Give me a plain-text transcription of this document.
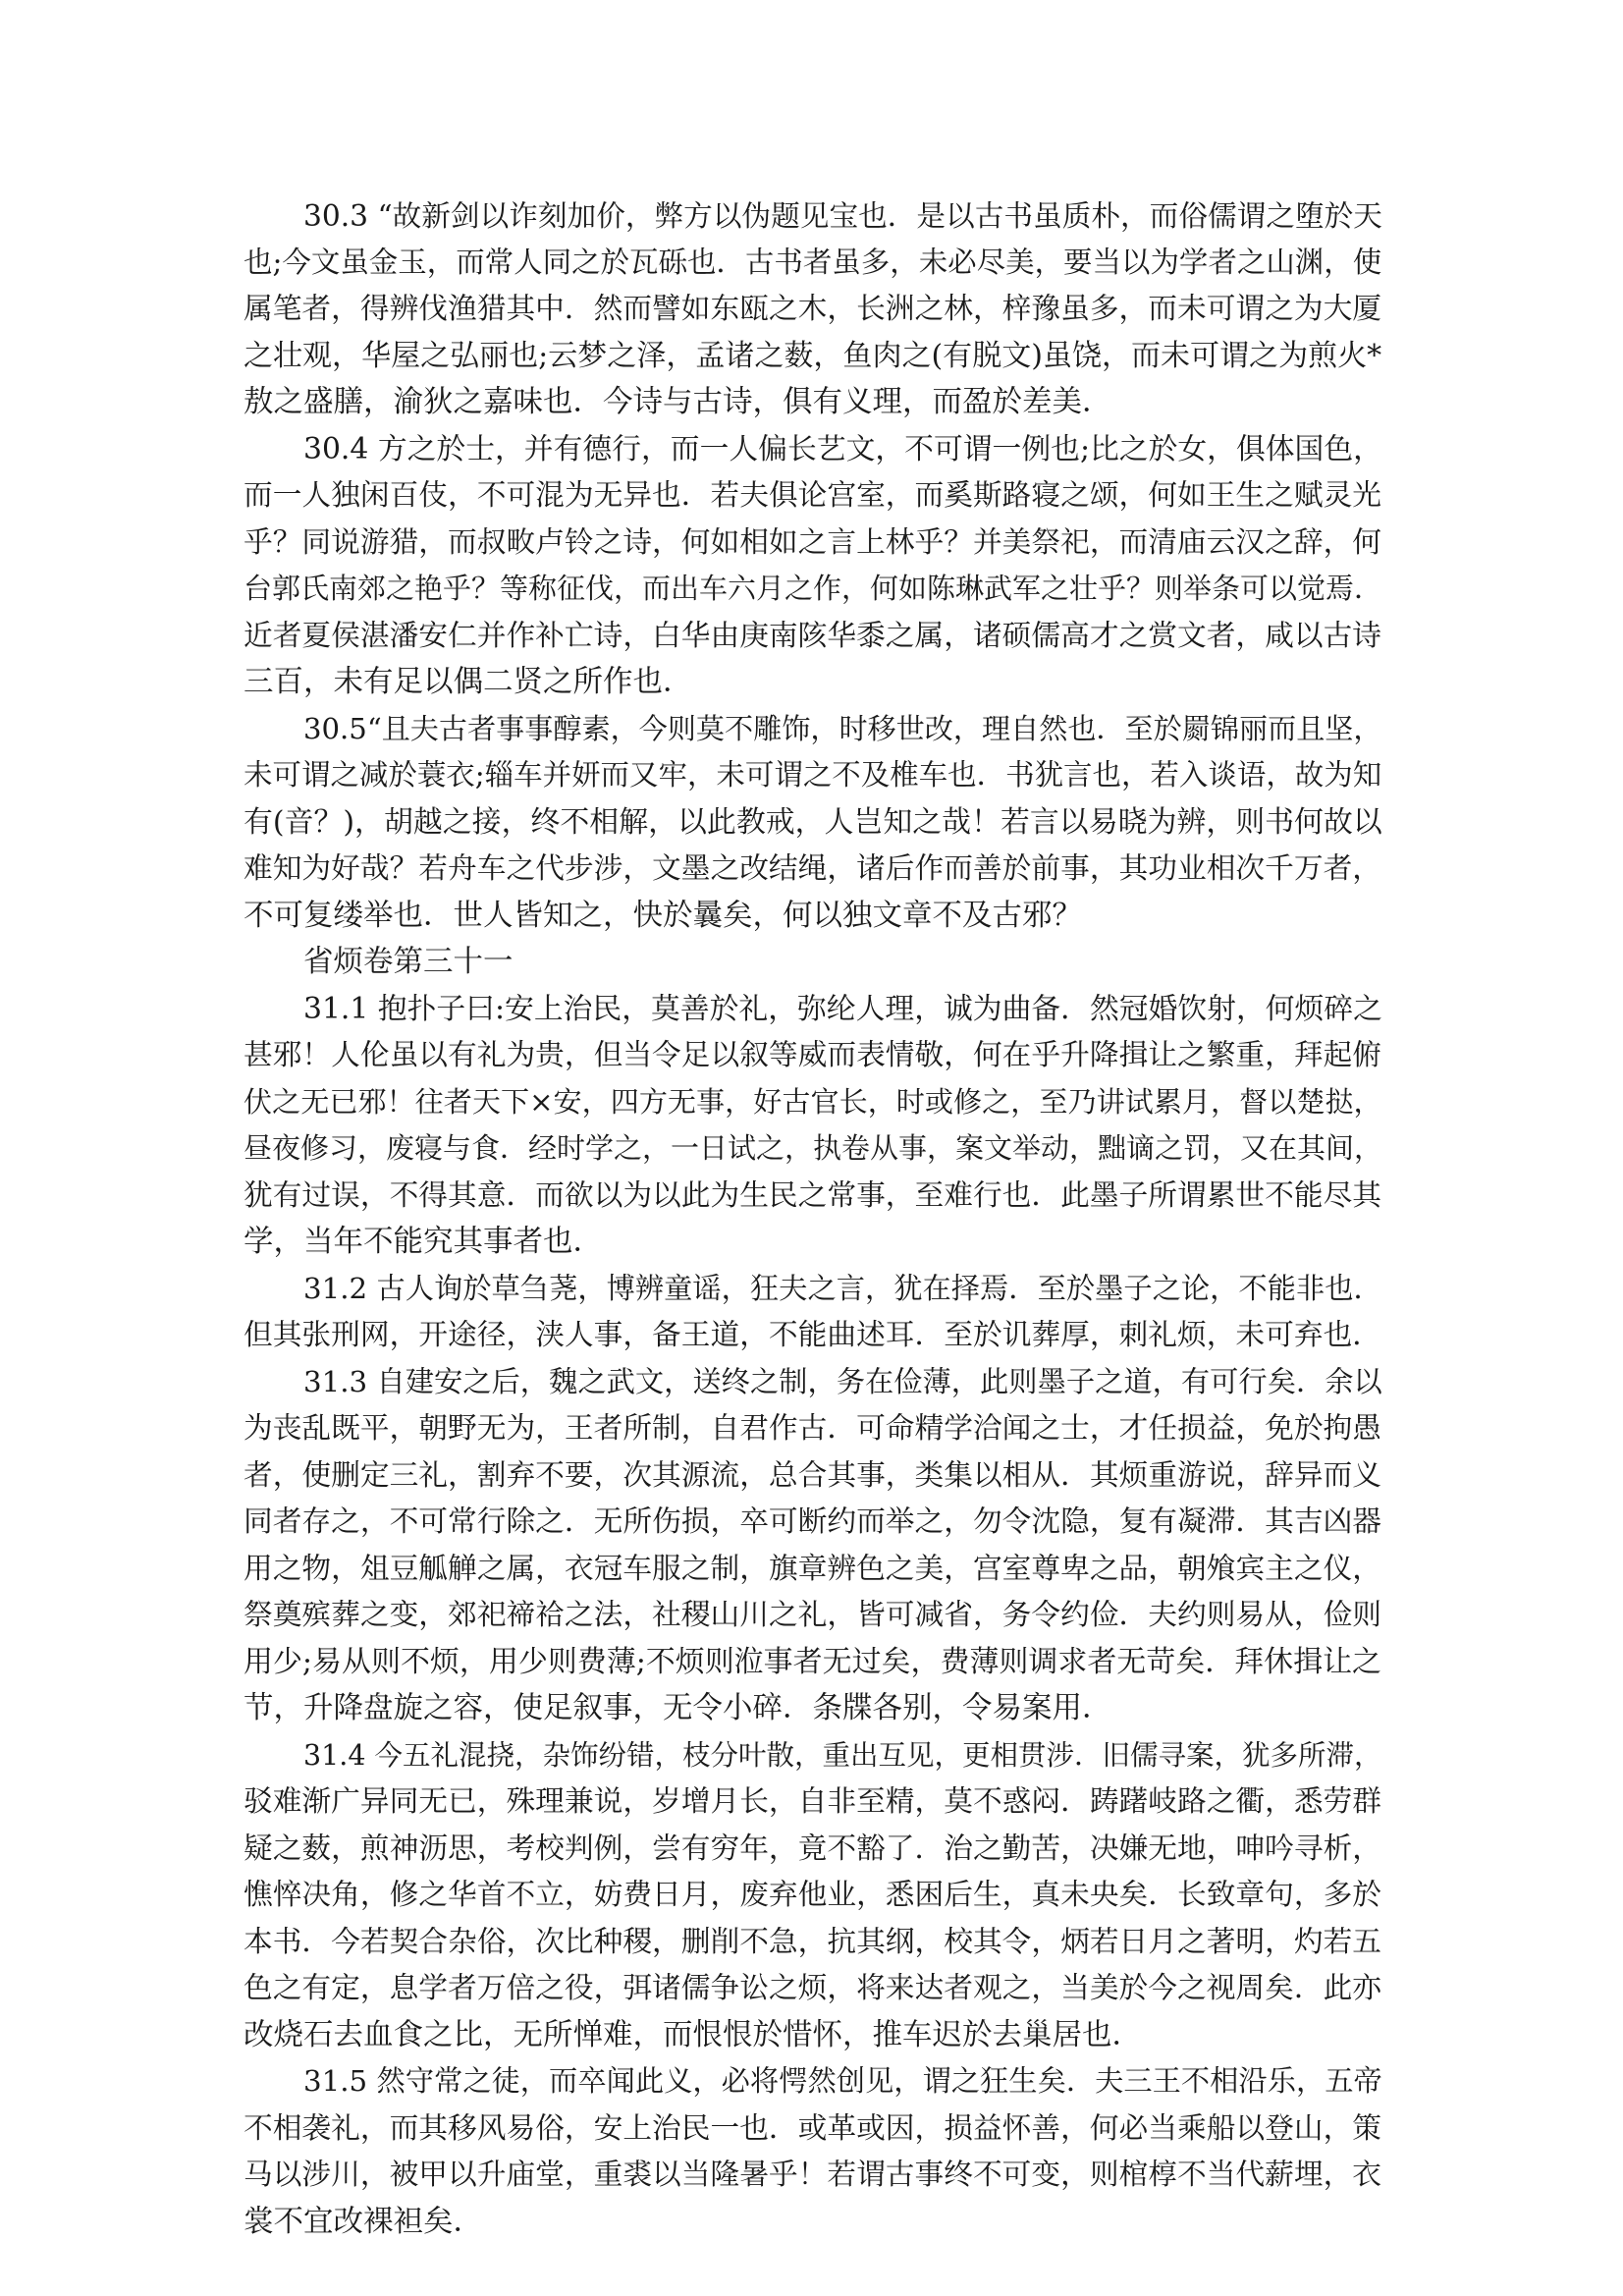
30.3 “故新剑以诈刻加价，弊方以伪题见宝也．是以古书虽质朴，而俗儒谓之堕於天
也;今文虽金玉，而常人同之於瓦砾也．古书者虽多，未必尽美，要当以为学者之山渊，使
属笔者，得辨伐渔猎其中．然而譬如东瓯之木，长洲之林，梓豫虽多，而未可谓之为大厦
之壮观，华屋之弘丽也;云梦之泽，孟诸之薮，鱼肉之(有脱文)虽饶，而未可谓之为煎火*
敖之盛膳，渝狄之嘉味也．今诗与古诗，俱有义理，而盈於差美．
30.4 方之於士，并有德行，而一人偏长艺文，不可谓一例也;比之於女，俱体国色，
而一人独闲百伎，不可混为无异也．若夫俱论宫室，而奚斯路寝之颂，何如王生之赋灵光
乎？同说游猎，而叔畋卢铃之诗，何如相如之言上林乎？并美祭祀，而清庙云汉之辞，何
台郭氏南郊之艳乎？等称征伐，而出车六月之作，何如陈琳武军之壮乎？则举条可以觉焉．
近者夏侯湛潘安仁并作补亡诗，白华由庚南陔华黍之属，诸硕儒高才之赏文者，咸以古诗
三百，未有足以偶二贤之所作也．
30.5“且夫古者事事醇素，今则莫不雕饰，时移世改，理自然也．至於罽锦丽而且坚，
未可谓之减於蓑衣;辎车并妍而又牢，未可谓之不及椎车也．书犹言也，若入谈语，故为知
有(音？)，胡越之接，终不相解，以此教戒，人岂知之哉！若言以易晓为辨，则书何故以
难知为好哉？若舟车之代步涉，文墨之改结绳，诸后作而善於前事，其功业相次千万者，
不可复缕举也．世人皆知之，快於曩矣，何以独文章不及古邪？
省烦卷第三十一
31.1 抱扑子曰:安上治民，莫善於礼，弥纶人理，诚为曲备．然冠婚饮射，何烦碎之
甚邪！人伦虽以有礼为贵，但当令足以叙等威而表情敬，何在乎升降揖让之繁重，拜起俯
伏之无已邪！往者天下×安，四方无事，好古官长，时或修之，至乃讲试累月，督以楚挞，
昼夜修习，废寝与食．经时学之，一日试之，执卷从事，案文举动，黜谪之罚，又在其间，
犹有过误，不得其意．而欲以为以此为生民之常事，至难行也．此墨子所谓累世不能尽其
学，当年不能究其事者也．
31.2 古人询於草刍荛，博辨童谣，狂夫之言，犹在择焉．至於墨子之论，不能非也．
但其张刑网，开途径，浃人事，备王道，不能曲述耳．至於讥葬厚，刺礼烦，未可弃也．
31.3 自建安之后，魏之武文，送终之制，务在俭薄，此则墨子之道，有可行矣．余以
为丧乱既平，朝野无为，王者所制，自君作古．可命精学洽闻之士，才任损益，免於拘愚
者，使删定三礼，割弃不要，次其源流，总合其事，类集以相从．其烦重游说，辞异而义
同者存之，不可常行除之．无所伤损，卒可断约而举之，勿令沈隐，复有凝滞．其吉凶器
用之物，俎豆觚觯之属，衣冠车服之制，旗章辨色之美，宫室尊卑之品，朝飧宾主之仪，
祭奠殡葬之变，郊祀禘祫之法，社稷山川之礼，皆可减省，务令约俭．夫约则易从，俭则
用少;易从则不烦，用少则费薄;不烦则涖事者无过矣，费薄则调求者无苛矣．拜休揖让之
节，升降盘旋之容，使足叙事，无令小碎．条牒各别，令易案用．
31.4 今五礼混挠，杂饰纷错，枝分叶散，重出互见，更相贯涉．旧儒寻案，犹多所滞，
驳难渐广异同无已，殊理兼说，岁增月长，自非至精，莫不惑闷．踌躇岐路之衢，悉劳群
疑之薮，煎神沥思，考校判例，尝有穷年，竟不豁了．治之勤苦，决嫌无地，呻吟寻析，
憔悴决角，修之华首不立，妨费日月，废弃他业，悉困后生，真未央矣．长致章句，多於
本书．今若契合杂俗，次比种稷，删削不急，抗其纲，校其令，炳若日月之著明，灼若五
色之有定，息学者万倍之役，弭诸儒争讼之烦，将来达者观之，当美於今之视周矣．此亦
改烧石去血食之比，无所惮难，而恨恨於惜怀，推车迟於去巢居也．
31.5 然守常之徒，而卒闻此义，必将愕然创见，谓之狂生矣．夫三王不相沿乐，五帝
不相袭礼，而其移风易俗，安上治民一也．或革或因，损益怀善，何必当乘船以登山，策
马以涉川，被甲以升庙堂，重裘以当隆暑乎！若谓古事终不可变，则棺椁不当代薪埋，衣
裳不宜改裸袒矣．
